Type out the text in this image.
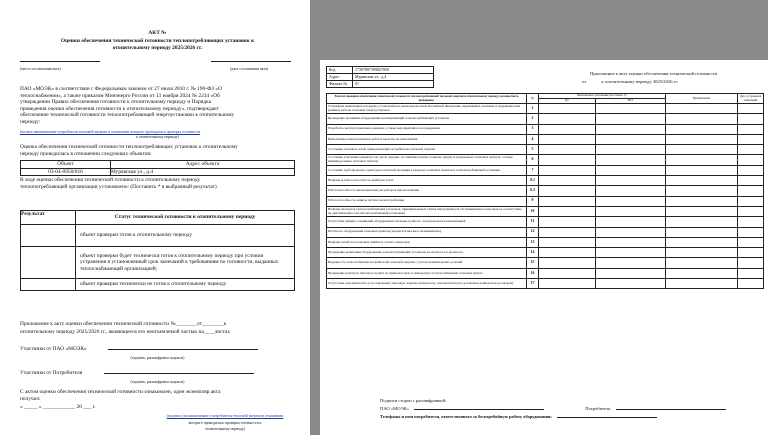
АКТ №
Оценки обеспечения технической готовности теплопотребляющих установок к
отопительному периоду 2025/2026 гг.

(место составления акта)	(дата составления акта)
ПАО «МОЭК» в соответствии с Федеральным законом от 27 июля 2010 г. № 190-ФЗ «О
теплоснабжении», а также приказом Минэнерго России от 13 ноября 2024 № 2234 «Об
утверждении Правил обеспечения готовности к отопительному периоду и Порядка
проведения оценки обеспечения готовности к отопительному периоду», подтверждает
обеспечение технической готовности теплопотребляющей энергоустановки к отопительному
периоду:
(полное наименование потребителя тепловой энергии в отношении которого проводилась проверка готовности
к отопительному периоду)
Оценка обеспечения технической готовности теплопотребляющих установок к отопительному
периоду проводилась в отношении следующих объектов:
Объект	Адрес объекта
03-04-0950/016	Муравская ул., д.4
В ходе оценки обеспечения технической готовности к отопительному периоду
теплопотребляющей организации установлено: (Поставить * в выбранный результат)
Результат	Статус технической готовности к отопительному периоду
	объект проверки готов к отопительному периоду
	объект проверки будет технически готов к отопительному периоду при условии устранения в установленный срок замечаний к требованиям по готовности, выданных теплоснабжающей организацией;
	объект проверки технически не готов к отопительному периоду
Приложение к акту оценки обеспечения технической готовности №________от________к
отопительному периоду 2025/2026 гг., являющееся его неотъемлемой частью на____листах
Участники от ПАО «МОЭК»
(подпись, расшифровка подписи)
Участники от Потребителя
(подпись, расшифровка подписи)
С актом оценки обеспечения технической готовности ознакомлен, один экземпляр акта
получил:
« _____ » ____________ 20 ___ г.
(подпись уполномоченного потребителя тепловой энергии в отношении
которого проводилась проверка готовности к
отопительному периоду)
Код	17397897399827850
Адрес	Муравская ул., д.4
Филиал №	01
Приложение к акту оценки обеспечения технической готовности
от	к отопительному периоду 2025/2026 гг.
В целях проверки обеспечения технической готовности теплопотребляющей тепловой энергии и отопительному периоду должны быть проверены:	№	Выполнение требования (поставить V)		Примечание	Дата устранения замечаний
		Да	Нет		
Устранение выявленных в порядке, установленном законодательством Российской Федерации, нарушений в тепловых и гидравлических режимах работы тепловых энергоустановок	1				
Проведение промывки оборудования и коммуникаций теплопотребляющих установок	2				
Разработка эксплуатационных режимов, а также мероприятий по их внедрению	3				
Выполнение плана ремонтных работ и качество их выполнения	4				
Состояние тепловых сетей, принадлежащих потребителю тепловой энергии	5				
Состояние утепления зданий (и том числе чердаки, лестничные клетки, подвалы, двери) и центральных тепловых пунктов, а также индивидуальных тепловых пунктов	6				
Состояние трубопроводов, арматуры и тепловой изоляции в пределах тепловых пунктов и теплопотребляющей установки	7				
Наличие и работоспособность приборов учета	8.1				
Работоспособность автоматических регуляторов при их наличии	8.2				
Работоспособность защиты систем теплопотребления	9				
Наличие паспортов теплопотребляющих установок, принципиальных схем и инструкций для обслуживающего персонала и соответствие их действительности (теплопотребляющей установки)	10				
Отсутствие прямых соединений оборудования тепловых пунктов с водопроводом и канализацией	11				
Плотность оборудования тепловых пунктов (запорн.Р и вкл.кж в наличии/ижно).	12				
Наличие пломб на расчетных шайбах и соплах элеваторов	13				
Проведение испытания оборудования теплопотребляющих установок на плотность и прочность	14				
Надежность теплоснабжения потребителей тепловой энергии с учетом климатических условий	15				
Проведение ремонтов теплового пункта по прямой подаче и температуре и теплоснабжению тепловой пункта	16				
Отсутствие задолженности за поставленную тепловую энергию (мощность), теплоноситель (по расчётным данным или договорам)	17				
Подписи сторон с расшифровкой:
ПАО «МОЭК»	Потребитель
Телефоны и имя потребителя, ответственного за бесперебойную работу оборудования:
